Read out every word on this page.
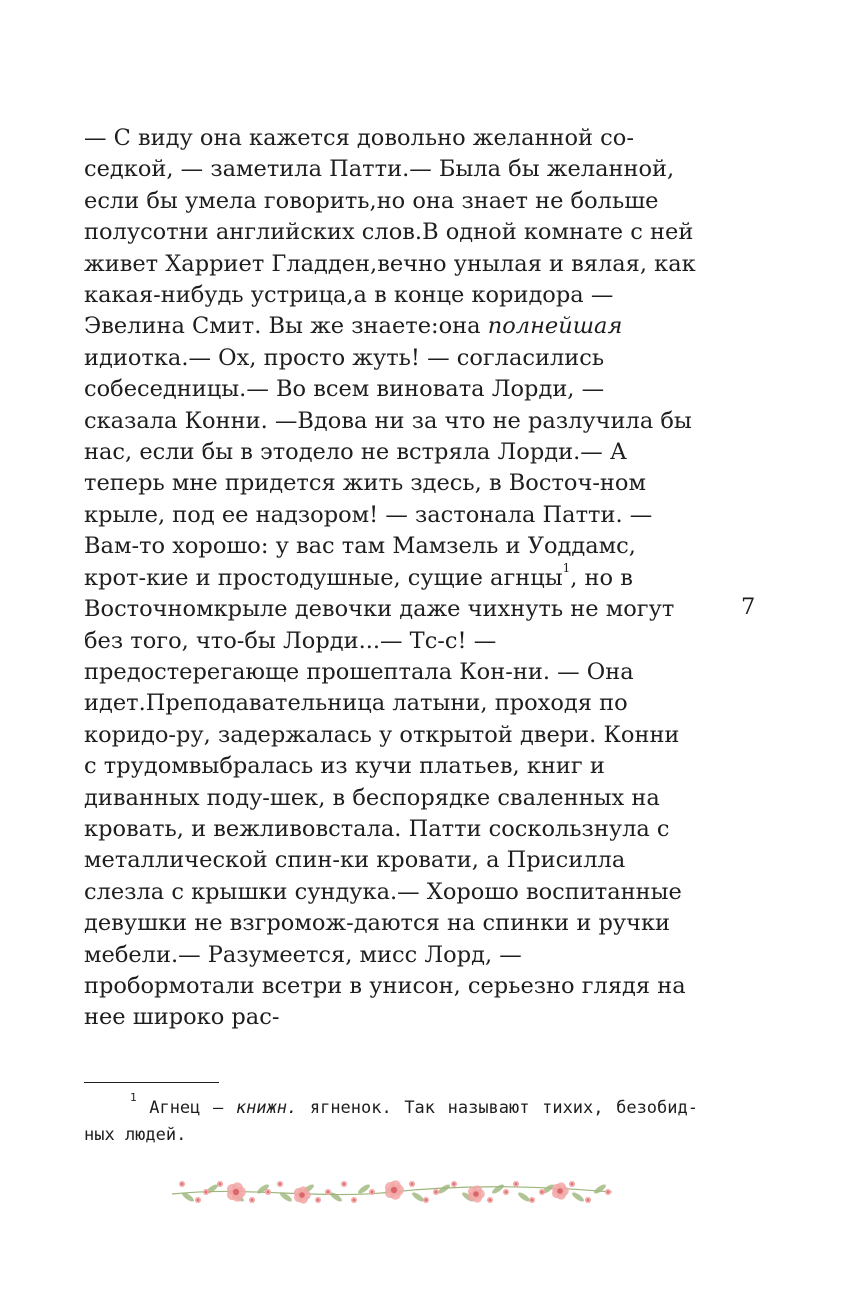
— С виду она кажется довольно желанной со-седкой, — заметила Патти.— Была бы желанной, если бы умела говорить,но она знает не больше полусотни английских слов.В одной комнате с ней живет Харриет Гладден,вечно унылая и вялая, как какая-нибудь устрица,а в конце коридора — Эвелина Смит. Вы же знаете:она полнейшая идиотка.— Ох, просто жуть! — согласились собеседницы.— Во всем виновата Лорди, — сказала Конни. —Вдова ни за что не разлучила бы нас, если бы в этодело не встряла Лорди.— А теперь мне придется жить здесь, в Восточ-ном крыле, под ее надзором! — застонала Патти. —Вам-то хорошо: у вас там Мамзель и Уоддамс, крот-кие и простодушные, сущие агнцы$^1$, но в Восточномкрыле девочки даже чихнуть не могут без того, что-бы Лорди...— Тс-с! — предостерегающе прошептала Кон-ни. — Она идет.Преподавательница латыни, проходя по коридо-ру, задержалась у открытой двери. Конни с трудомвыбралась из кучи платьев, книг и диванных поду-шек, в беспорядке сваленных на кровать, и вежливовстала. Патти соскользнула с металлической спин-ки кровати, а Присилла слезла с крышки сундука.— Хорошо воспитанные девушки не взгромож-даются на спинки и ручки мебели.— Разумеется, мисс Лорд, — пробормотали всетри в унисон, серьезно глядя на нее широко рас-
7
$^1$ Агнец — книжн. ягненок. Так называют тихих, безобид-
ных людей.
